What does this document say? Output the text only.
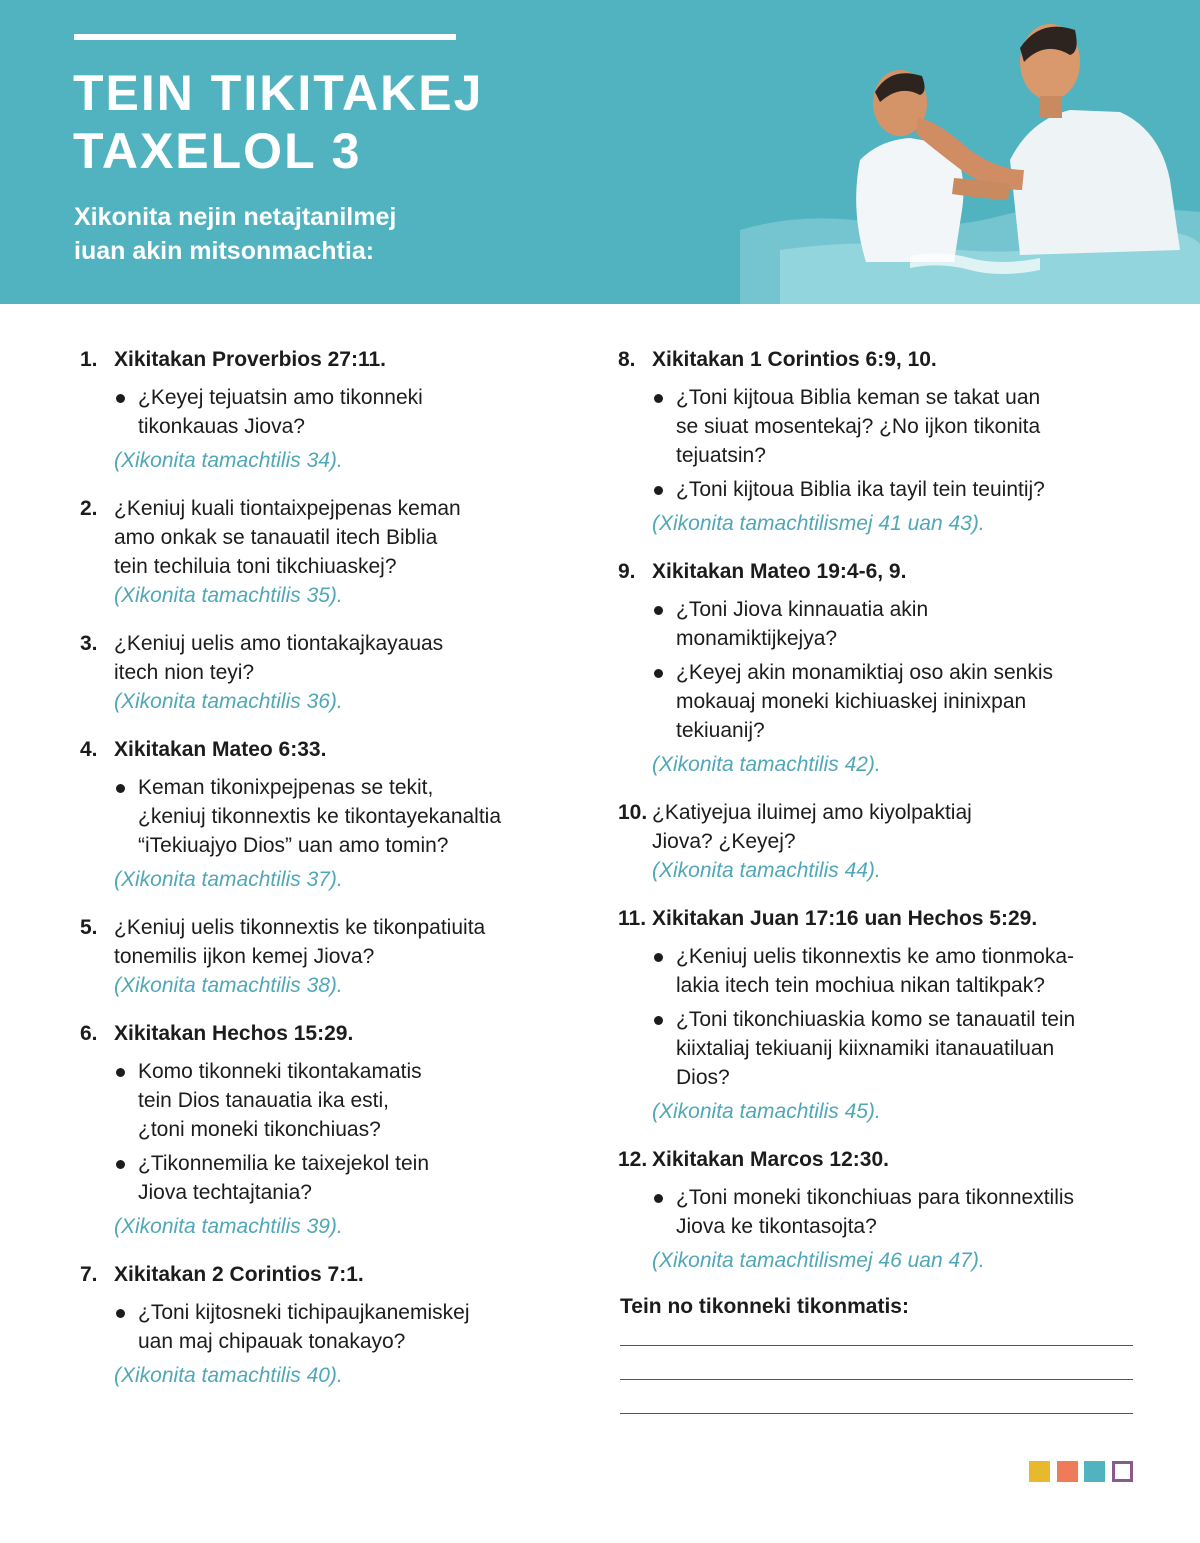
TEIN TIKITAKEJ
TAXELOL 3

Xikonita nejin netajtanilmej
iuan akin mitsonmachtia:

1. Xikitakan Proverbios 27:11.
¿Keyej tejuatsin amo tikonneki
tikonkauas Jiova?
(Xikonita tamachtilis 34).
2. ¿Keniuj kuali tiontaixpejpenas keman
amo onkak se tanauatil itech Biblia
tein techiluia toni tikchiuaskej?
(Xikonita tamachtilis 35).
3. ¿Keniuj uelis amo tiontakajkayauas
itech nion teyi?
(Xikonita tamachtilis 36).
4. Xikitakan Mateo 6:33.
Keman tikonixpejpenas se tekit,
¿keniuj tikonnextis ke tikontayekanaltia
“iTekiuajyo Dios” uan amo tomin?
(Xikonita tamachtilis 37).
5. ¿Keniuj uelis tikonnextis ke tikonpatiuita
tonemilis ijkon kemej Jiova?
(Xikonita tamachtilis 38).
6. Xikitakan Hechos 15:29.
Komo tikonneki tikontakamatis
tein Dios tanauatia ika esti,
¿toni moneki tikonchiuas?
¿Tikonnemilia ke taixejekol tein
Jiova techtajtania?
(Xikonita tamachtilis 39).
7. Xikitakan 2 Corintios 7:1.
¿Toni kijtosneki tichipaujkanemiskej
uan maj chipauak tonakayo?
(Xikonita tamachtilis 40).
8. Xikitakan 1 Corintios 6:9, 10.
¿Toni kijtoua Biblia keman se takat uan
se siuat mosentekaj? ¿No ijkon tikonita
tejuatsin?
¿Toni kijtoua Biblia ika tayil tein teuintij?
(Xikonita tamachtilismej 41 uan 43).
9. Xikitakan Mateo 19:4-6, 9.
¿Toni Jiova kinnauatia akin
monamiktijkejya?
¿Keyej akin monamiktiaj oso akin senkis
mokauaj moneki kichiuaskej ininixpan
tekiuanij?
(Xikonita tamachtilis 42).
10. ¿Katiyejua iluimej amo kiyolpaktiaj
Jiova? ¿Keyej?
(Xikonita tamachtilis 44).
11. Xikitakan Juan 17:16 uan Hechos 5:29.
¿Keniuj uelis tikonnextis ke amo tionmoka-
lakia itech tein mochiua nikan taltikpak?
¿Toni tikonchiuaskia komo se tanauatil tein
kiixtaliaj tekiuanij kiixnamiki itanauatiluan
Dios?
(Xikonita tamachtilis 45).
12. Xikitakan Marcos 12:30.
¿Toni moneki tikonchiuas para tikonnextilis
Jiova ke tikontasojta?
(Xikonita tamachtilismej 46 uan 47).

Tein no tikonneki tikonmatis:
